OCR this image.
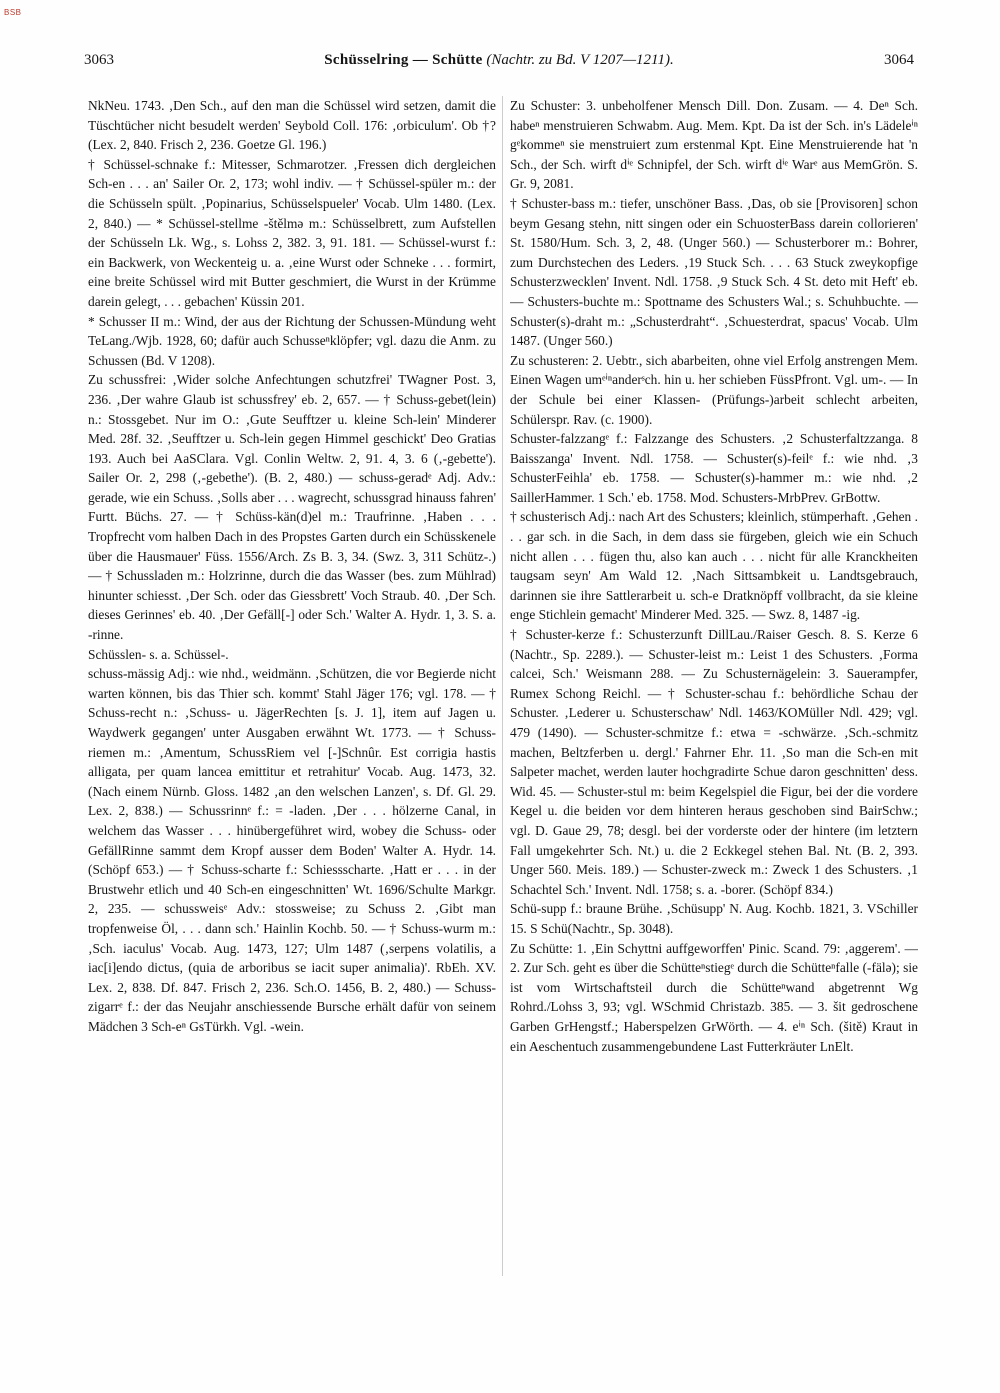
BSB
3063	Schüsselring — Schütte (Nachtr. zu Bd. V 1207—1211).	3064

NkNeu. 1743. ‚Den Sch., auf den man die Schüssel wird setzen, damit die Tüschtücher nicht besudelt werden' Seybold Coll. 176: ‚orbiculum'. Ob †? (Lex. 2, 840. Frisch 2, 236. Goetze Gl. 196.)

† Schüssel-schnake f.: Mitesser, Schmarotzer. ‚Fressen dich dergleichen Sch-en . . . an' Sailer Or. 2, 173; wohl indiv. — † Schüssel-spüler m.: der die Schüsseln spült. ‚Popinarius, Schüsselspueler' Vocab. Ulm 1480. (Lex. 2, 840.) — * Schüssel-stellme -štělmə m.: Schüsselbrett, zum Aufstellen der Schüsseln Lk. Wg., s. Lohss 2, 382. 3, 91. 181. — Schüssel-wurst f.: ein Backwerk, von Weckenteig u. a. ‚eine Wurst oder Schneke . . . formirt, eine breite Schüssel wird mit Butter geschmiert, die Wurst in der Krümme darein gelegt, . . . gebachen' Küssin 201.

* Schusser II m.: Wind, der aus der Richtung der Schussen-Mündung weht TeLang./Wjb. 1928, 60; dafür auch Schusseⁿklöpfer; vgl. dazu die Anm. zu Schussen (Bd. V 1208).

Zu schussfrei: ‚Wider solche Anfechtungen schutzfrei' TWagner Post. 3, 236. ‚Der wahre Glaub ist schussfrey' eb. 2, 657. — † Schuss-gebet(lein) n.: Stossgebet. Nur im O.: ‚Gute Seufftzer u. kleine Sch-lein' Minderer Med. 28f. 32. ‚Seufftzer u. Sch-lein gegen Himmel geschickt' Deo Gratias 193. Auch bei AaSClara. Vgl. Conlin Weltw. 2, 91. 4, 3. 6 (‚-gebette'). Sailer Or. 2, 298 (‚-gebethe'). (B. 2, 480.) — schuss-geradᵉ Adj. Adv.: gerade, wie ein Schuss. ‚Solls aber . . . wagrecht, schussgrad hinauss fahren' Furtt. Büchs. 27. — † Schüss-kän(d)el m.: Traufrinne. ‚Haben . . . Tropfrecht vom halben Dach in des Propstes Garten durch ein Schüsskenele über die Hausmauer' Füss. 1556/Arch. Zs B. 3, 34. (Swz. 3, 311 Schütz-.) — † Schussladen m.: Holzrinne, durch die das Wasser (bes. zum Mühlrad) hinunter schiesst. ‚Der Sch. oder das Giessbrett' Voch Straub. 40. ‚Der Sch. dieses Gerinnes' eb. 40. ‚Der Gefäll[-] oder Sch.' Walter A. Hydr. 1, 3. S. a. -rinne.

Schüsslen- s. a. Schüssel-.

schuss-mässig Adj.: wie nhd., weidmänn. ‚Schützen, die vor Begierde nicht warten können, bis das Thier sch. kommt' Stahl Jäger 176; vgl. 178. — † Schuss-recht n.: ‚Schuss- u. JägerRechten [s. J. 1], item auf Jagen u. Waydwerk gegangen' unter Ausgaben erwähnt Wt. 1773. — † Schuss-riemen m.: ‚Amentum, SchussRiem vel [-]Schnûr. Est corrigia hastis alligata, per quam lancea emittitur et retrahitur' Vocab. Aug. 1473, 32. (Nach einem Nürnb. Gloss. 1482 ‚an den welschen Lanzen', s. Df. Gl. 29. Lex. 2, 838.) — Schussrinnᵉ f.: = -laden. ‚Der . . . hölzerne Canal, in welchem das Wasser . . . hinübergeführet wird, wobey die Schuss- oder GefällRinne sammt dem Kropf ausser dem Boden' Walter A. Hydr. 14. (Schöpf 653.) — † Schuss-scharte f.: Schiessscharte. ‚Hatt er . . . in der Brustwehr etlich und 40 Sch-en eingeschnitten' Wt. 1696/Schulte Markgr. 2, 235. — schussweisᵉ Adv.: stossweise; zu Schuss 2. ‚Gibt man tropfenweise Öl, . . . dann sch.' Hainlin Kochb. 50. — † Schuss-wurm m.: ‚Sch. iaculus' Vocab. Aug. 1473, 127; Ulm 1487 (‚serpens volatilis, a iac[i]endo dictus, (quia de arboribus se iacit super animalia)'. RbEh. XV. Lex. 2, 838. Df. 847. Frisch 2, 236. Sch.O. 1456, B. 2, 480.) — Schuss-zigarrᵉ f.: der das Neujahr anschiessende Bursche erhält dafür von seinem Mädchen 3 Sch-eⁿ GsTürkh. Vgl. -wein.

Zu Schuster: 3. unbeholfener Mensch Dill. Don. Zusam. — 4. Deⁿ Sch. habeⁿ menstruieren Schwabm. Aug. Mem. Kpt. Da ist der Sch. in's Lädeleⁱⁿ gᵉkommeⁿ sie menstruiert zum erstenmal Kpt. Eine Menstruierende hat 'n Sch., der Sch. wirft dⁱᵉ Schnipfel, der Sch. wirft dⁱᵉ Warᵉ aus MemGrön. S. Gr. 9, 2081.

† Schuster-bass m.: tiefer, unschöner Bass. ‚Das, ob sie [Provisoren] schon beym Gesang stehn, nitt singen oder ein SchuosterBass darein collorieren' St. 1580/Hum. Sch. 3, 2, 48. (Unger 560.) — Schusterborer m.: Bohrer, zum Durchstechen des Leders. ‚19 Stuck Sch. . . . 63 Stuck zweykopfige Schusterzwecklen' Invent. Ndl. 1758. ‚9 Stuck Sch. 4 St. deto mit Heft' eb. — Schusters-buchte m.: Spottname des Schusters Wal.; s. Schuhbuchte. — Schuster(s)-draht m.: „Schusterdraht“. ‚Schuesterdrat, spacus' Vocab. Ulm 1487. (Unger 560.)

Zu schusteren: 2. Uebtr., sich abarbeiten, ohne viel Erfolg anstrengen Mem. Einen Wagen umᵉⁱⁿanderˢch. hin u. her schieben FüssPfront. Vgl. um-. — In der Schule bei einer Klassen- (Prüfungs-)arbeit schlecht arbeiten, Schülerspr. Rav. (c. 1900).

Schuster-falzzangᵉ f.: Falzzange des Schusters. ‚2 Schusterfaltzzanga. 8 Baisszanga' Invent. Ndl. 1758. — Schuster(s)-feilᵉ f.: wie nhd. ‚3 SchusterFeihla' eb. 1758. — Schuster(s)-hammer m.: wie nhd. ‚2 SaillerHammer. 1 Sch.' eb. 1758. Mod. Schusters-MrbPrev. GrBottw.

† schusterisch Adj.: nach Art des Schusters; kleinlich, stümperhaft. ‚Gehen . . . gar sch. in die Sach, in dem dass sie fürgeben, gleich wie ein Schuch nicht allen . . . fügen thu, also kan auch . . . nicht für alle Kranckheiten taugsam seyn' Am Wald 12. ‚Nach Sittsambkeit u. Landtsgebrauch, darinnen sie ihre Sattlerarbeit u. sch-e Dratknöpff vollbracht, da sie kleine enge Stichlein gemacht' Minderer Med. 325. — Swz. 8, 1487 -ig.

† Schuster-kerze f.: Schusterzunft DillLau./Raiser Gesch. 8. S. Kerze 6 (Nachtr., Sp. 2289.). — Schuster-leist m.: Leist 1 des Schusters. ‚Forma calcei, Sch.' Weismann 288. — Zu Schusternägelein: 3. Sauerampfer, Rumex Schong Reichl. — † Schuster-schau f.: behördliche Schau der Schuster. ‚Lederer u. Schusterschaw' Ndl. 1463/KOMüller Ndl. 429; vgl. 479 (1490). — Schuster-schmitze f.: etwa = -schwärze. ‚Sch.-schmitz machen, Beltzferben u. dergl.' Fahrner Ehr. 11. ‚So man die Sch-en mit Salpeter machet, werden lauter hochgradirte Schue daron geschnitten' dess. Wid. 45. — Schuster-stul m: beim Kegelspiel die Figur, bei der die vordere Kegel u. die beiden vor dem hinteren heraus geschoben sind BairSchw.; vgl. D. Gaue 29, 78; desgl. bei der vorderste oder der hintere (im letztern Fall umgekehrter Sch. Nt.) u. die 2 Eckkegel stehen Bal. Nt. (B. 2, 393. Unger 560. Meis. 189.) — Schuster-zweck m.: Zweck 1 des Schusters. ‚1 Schachtel Sch.' Invent. Ndl. 1758; s. a. -borer. (Schöpf 834.)

Schü-supp f.: braune Brühe. ‚Schüsupp' N. Aug. Kochb. 1821, 3. VSchiller 15. S Schü(Nachtr., Sp. 3048).

Zu Schütte: 1. ‚Ein Schyttni auffgeworffen' Pinic. Scand. 79: ‚aggerem'. — 2. Zur Sch. geht es über die Schütteⁿstiegᵉ durch die Schütteⁿfalle (-fälə); sie ist vom Wirtschaftsteil durch die Schütteⁿwand abgetrennt Wg Rohrd./Lohss 3, 93; vgl. WSchmid Christazb. 385. — 3. šit gedroschene Garben GrHengstf.; Haberspelzen GrWörth. — 4. eⁱⁿ Sch. (šitĕ) Kraut in ein Aeschentuch zusammengebundene Last Futterkräuter LnElt.
